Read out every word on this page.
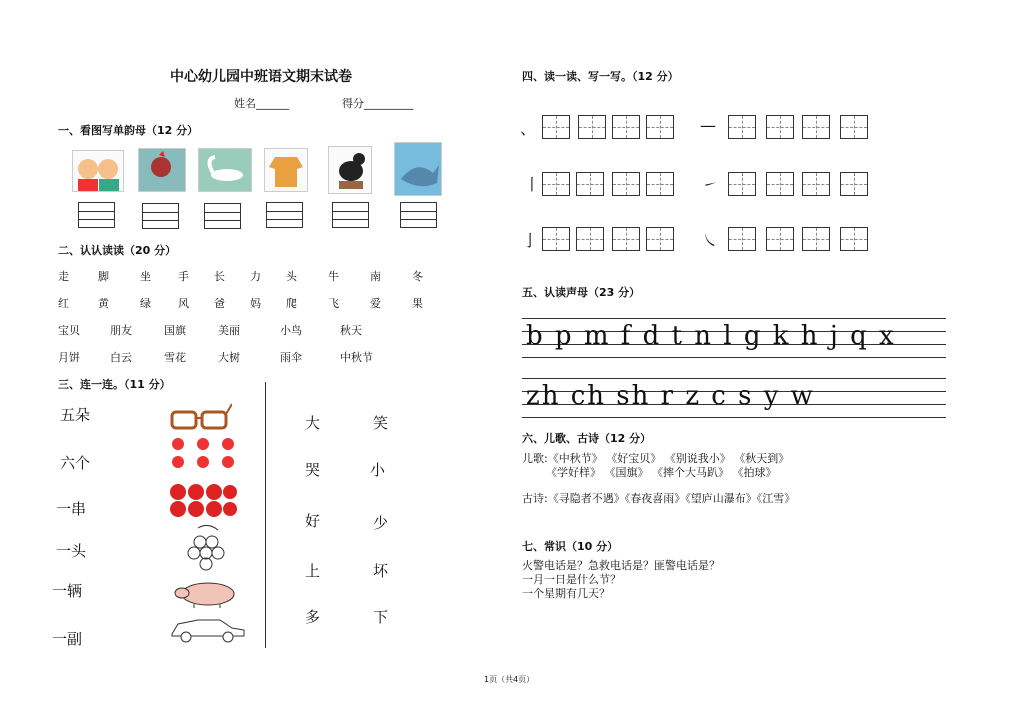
中心幼儿园中班语文期末试卷
姓名______	得分_________
一、看图写单韵母（12 分）
二、认认读读（20 分）
走	脚	坐 手 长 力 头	牛	南	冬
红	黄	绿 风 爸 妈 爬	飞	爱	果
宝贝	朋友	国旗	美丽	小鸟	秋天
月饼	白云	雪花	大树	雨伞	中秋节
三、连一连。（11 分）
五朵
六个
一串
一头
一辆
一副
大
哭
好
上
多
笑
小
少
坏
下
四、读一读、写一写。（12 分）
、	—
丨	㇀
亅	㇏
五、认读声母（23 分）
b p m f d t n l g k h j q x
zh ch sh r z c s y w
六、儿歌、古诗（12 分）
儿歌:《中秋节》 《好宝贝》 《别说我小》 《秋天到》
《学好样》 《国旗》 《摔个大马趴》 《拍球》
古诗:《寻隐者不遇》《春夜喜雨》《望庐山瀑布》《江雪》
七、常识（10 分）
火警电话是？急救电话是？匪警电话是？
一月一日是什么节？
一个星期有几天？
1页（共4页）
